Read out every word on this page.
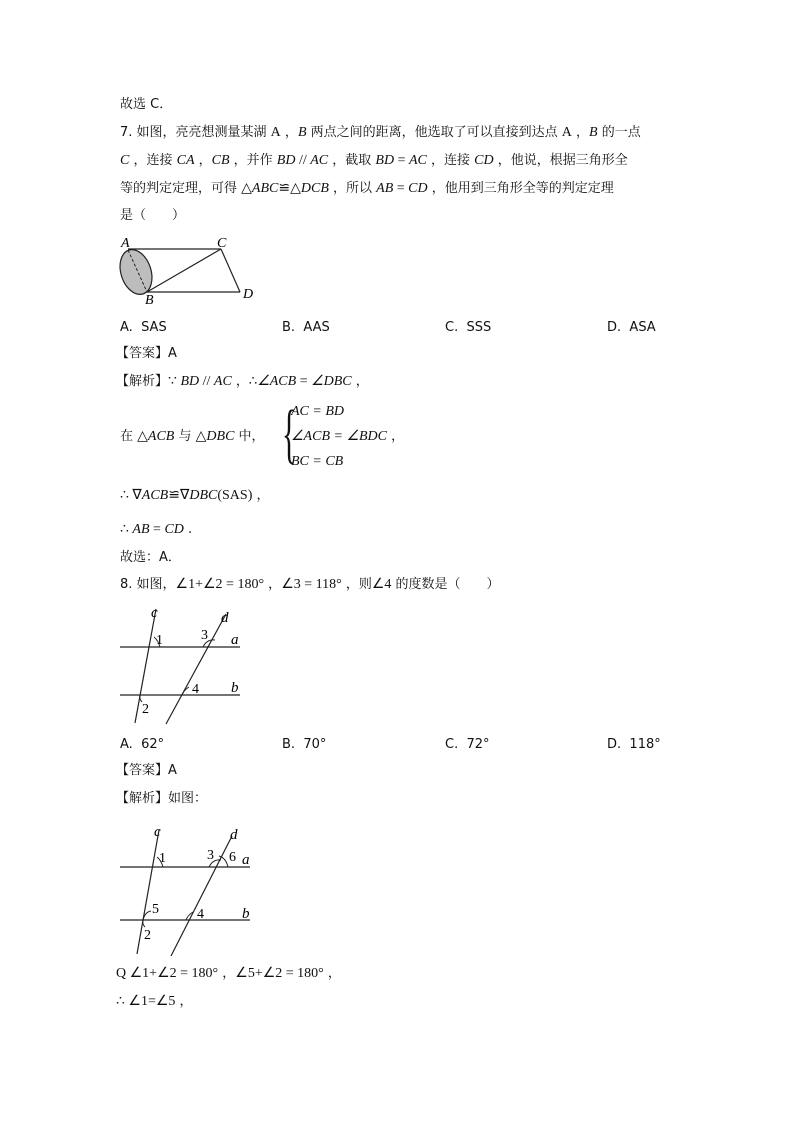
故选 C．
7. 如图，亮亮想测量某湖 A ，B 两点之间的距离，他选取了可以直接到达点 A ，B 的一点
C ，连接 CA ，CB ，并作 BD // AC ，截取 BD = AC ，连接 CD ，他说，根据三角形全
等的判定定理，可得 △ABC≌△DCB ，所以 AB = CD ，他用到三角形全等的判定定理
是（　　）
A
B
C
D
A. SAS	B. AAS	C. SSS	D. ASA
【答案】A
【解析】∵ BD // AC ，∴∠ACB = ∠DBC ，
在 △ACB 与 △DBC 中， {
AC = BD
∠ACB = ∠BDC ，
BC = CB
∴ ∇ACB≌∇DBC(SAS) ，
∴ AB = CD .
故选：A．
8. 如图，∠1+∠2 = 180° ，∠3 = 118° ，则∠4 的度数是（　　）
c	d
a
b
1
2
3
4
A. 62°	B. 70°	C. 72°	D. 118°
【答案】A
【解析】如图：
c	d
a
b
1
5
2
3 6
4
Q ∠1+∠2 = 180° ，∠5+∠2 = 180° ，
∴ ∠1=∠5 ，
